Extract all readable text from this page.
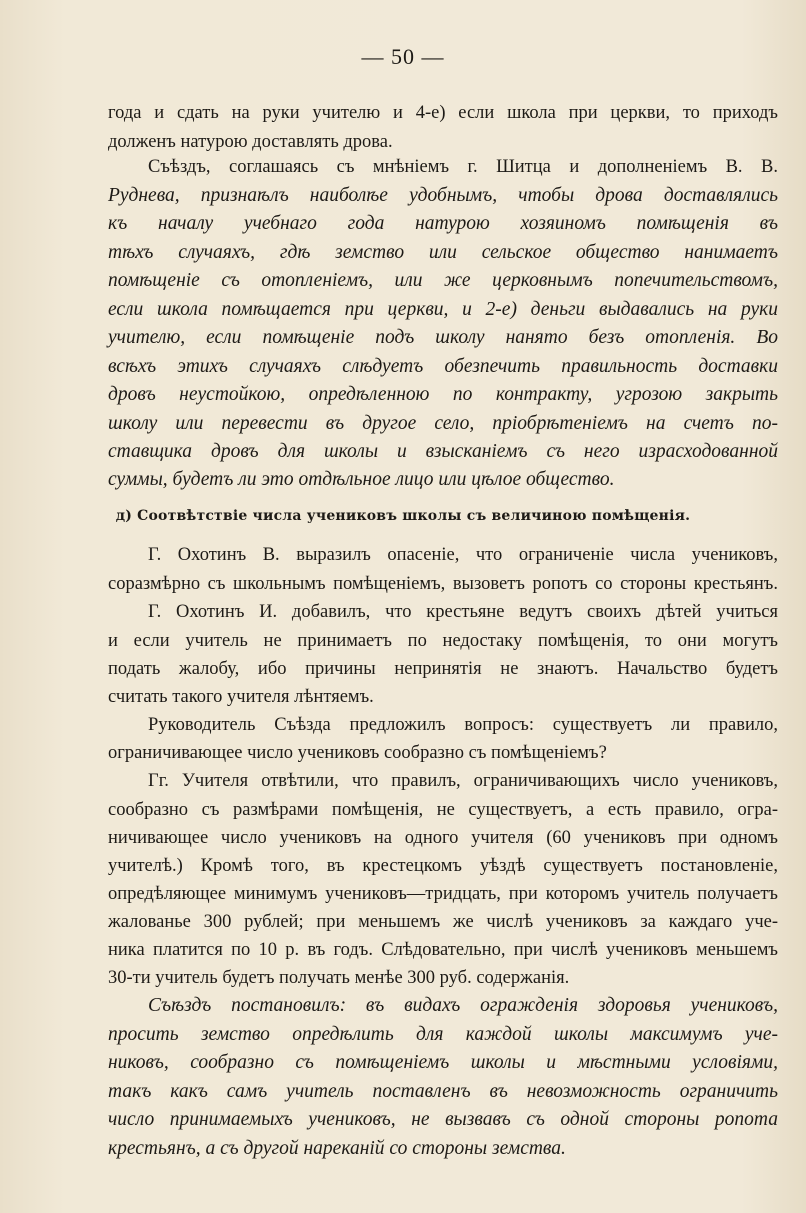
— 50 —
года и сдать на руки учителю и 4-е) если школа при церкви, то приходъ
долженъ натурою доставлять дрова.
Съѣздъ, соглашаясь съ мнѣніемъ г. Шитца и дополненіемъ В. В.
Руднева, признаѣлъ наиболѣе удобнымъ, чтобы дрова доставлялись
къ началу учебнаго года натурою хозяиномъ помѣщенія въ
тѣхъ случаяхъ, гдѣ земство или сельское общество нанимаетъ
помѣщеніе съ отопленіемъ, или же церковнымъ попечительствомъ,
если школа помѣщается при церкви, и 2-е) деньги выдавались на руки
учителю, если помѣщеніе подъ школу нанято безъ отопленія. Во
всѣхъ этихъ случаяхъ слѣдуетъ обезпечить правильность доставки
дровъ неустойкою, опредѣленною по контракту, угрозою закрыть
школу или перевести въ другое село, пріобрѣтеніемъ на счетъ по-
ставщика дровъ для школы и взысканіемъ съ него израсходованной
суммы, будетъ ли это отдѣльное лицо или цѣлое общество.
Г. Охотинъ В. выразилъ опасеніе, что ограниченіе числа учениковъ,
соразмѣрно съ школьнымъ помѣщеніемъ, вызоветъ ропотъ со стороны крестьянъ.
Г. Охотинъ И. добавилъ, что крестьяне ведутъ своихъ дѣтей учиться
и если учитель не принимаетъ по недостаку помѣщенія, то они могутъ
подать жалобу, ибо причины непринятія не знаютъ. Начальство будетъ
считать такого учителя лѣнтяемъ.
Руководитель Съѣзда предложилъ вопросъ: существуетъ ли правило,
ограничивающее число учениковъ сообразно съ помѣщеніемъ?
Гг. Учителя отвѣтили, что правилъ, ограничивающихъ число учениковъ,
сообразно съ размѣрами помѣщенія, не существуетъ, а есть правило, огра-
ничивающее число учениковъ на одного учителя (60 учениковъ при одномъ
учителѣ.) Кромѣ того, въ крестецкомъ уѣздѣ существуетъ постановленіе,
опредѣляющее минимумъ учениковъ—тридцать, при которомъ учитель получаетъ
жалованье 300 рублей; при меньшемъ же числѣ учениковъ за каждаго уче-
ника платится по 10 р. въ годъ. Слѣдовательно, при числѣ учениковъ меньшемъ
30-ти учитель будетъ получать менѣе 300 руб. содержанія.
Съѣздъ постановилъ: въ видахъ огражденія здоровья учениковъ,
просить земство опредѣлить для каждой школы максимумъ уче-
никовъ, сообразно съ помѣщеніемъ школы и мѣстными условіями,
такъ какъ самъ учитель поставленъ въ невозможность ограничить
число принимаемыхъ учениковъ, не вызвавъ съ одной стороны ропота
крестьянъ, а съ другой нареканій со стороны земства.
д) Соотвѣтствіе числа учениковъ школы съ величиною помѣщенія.
